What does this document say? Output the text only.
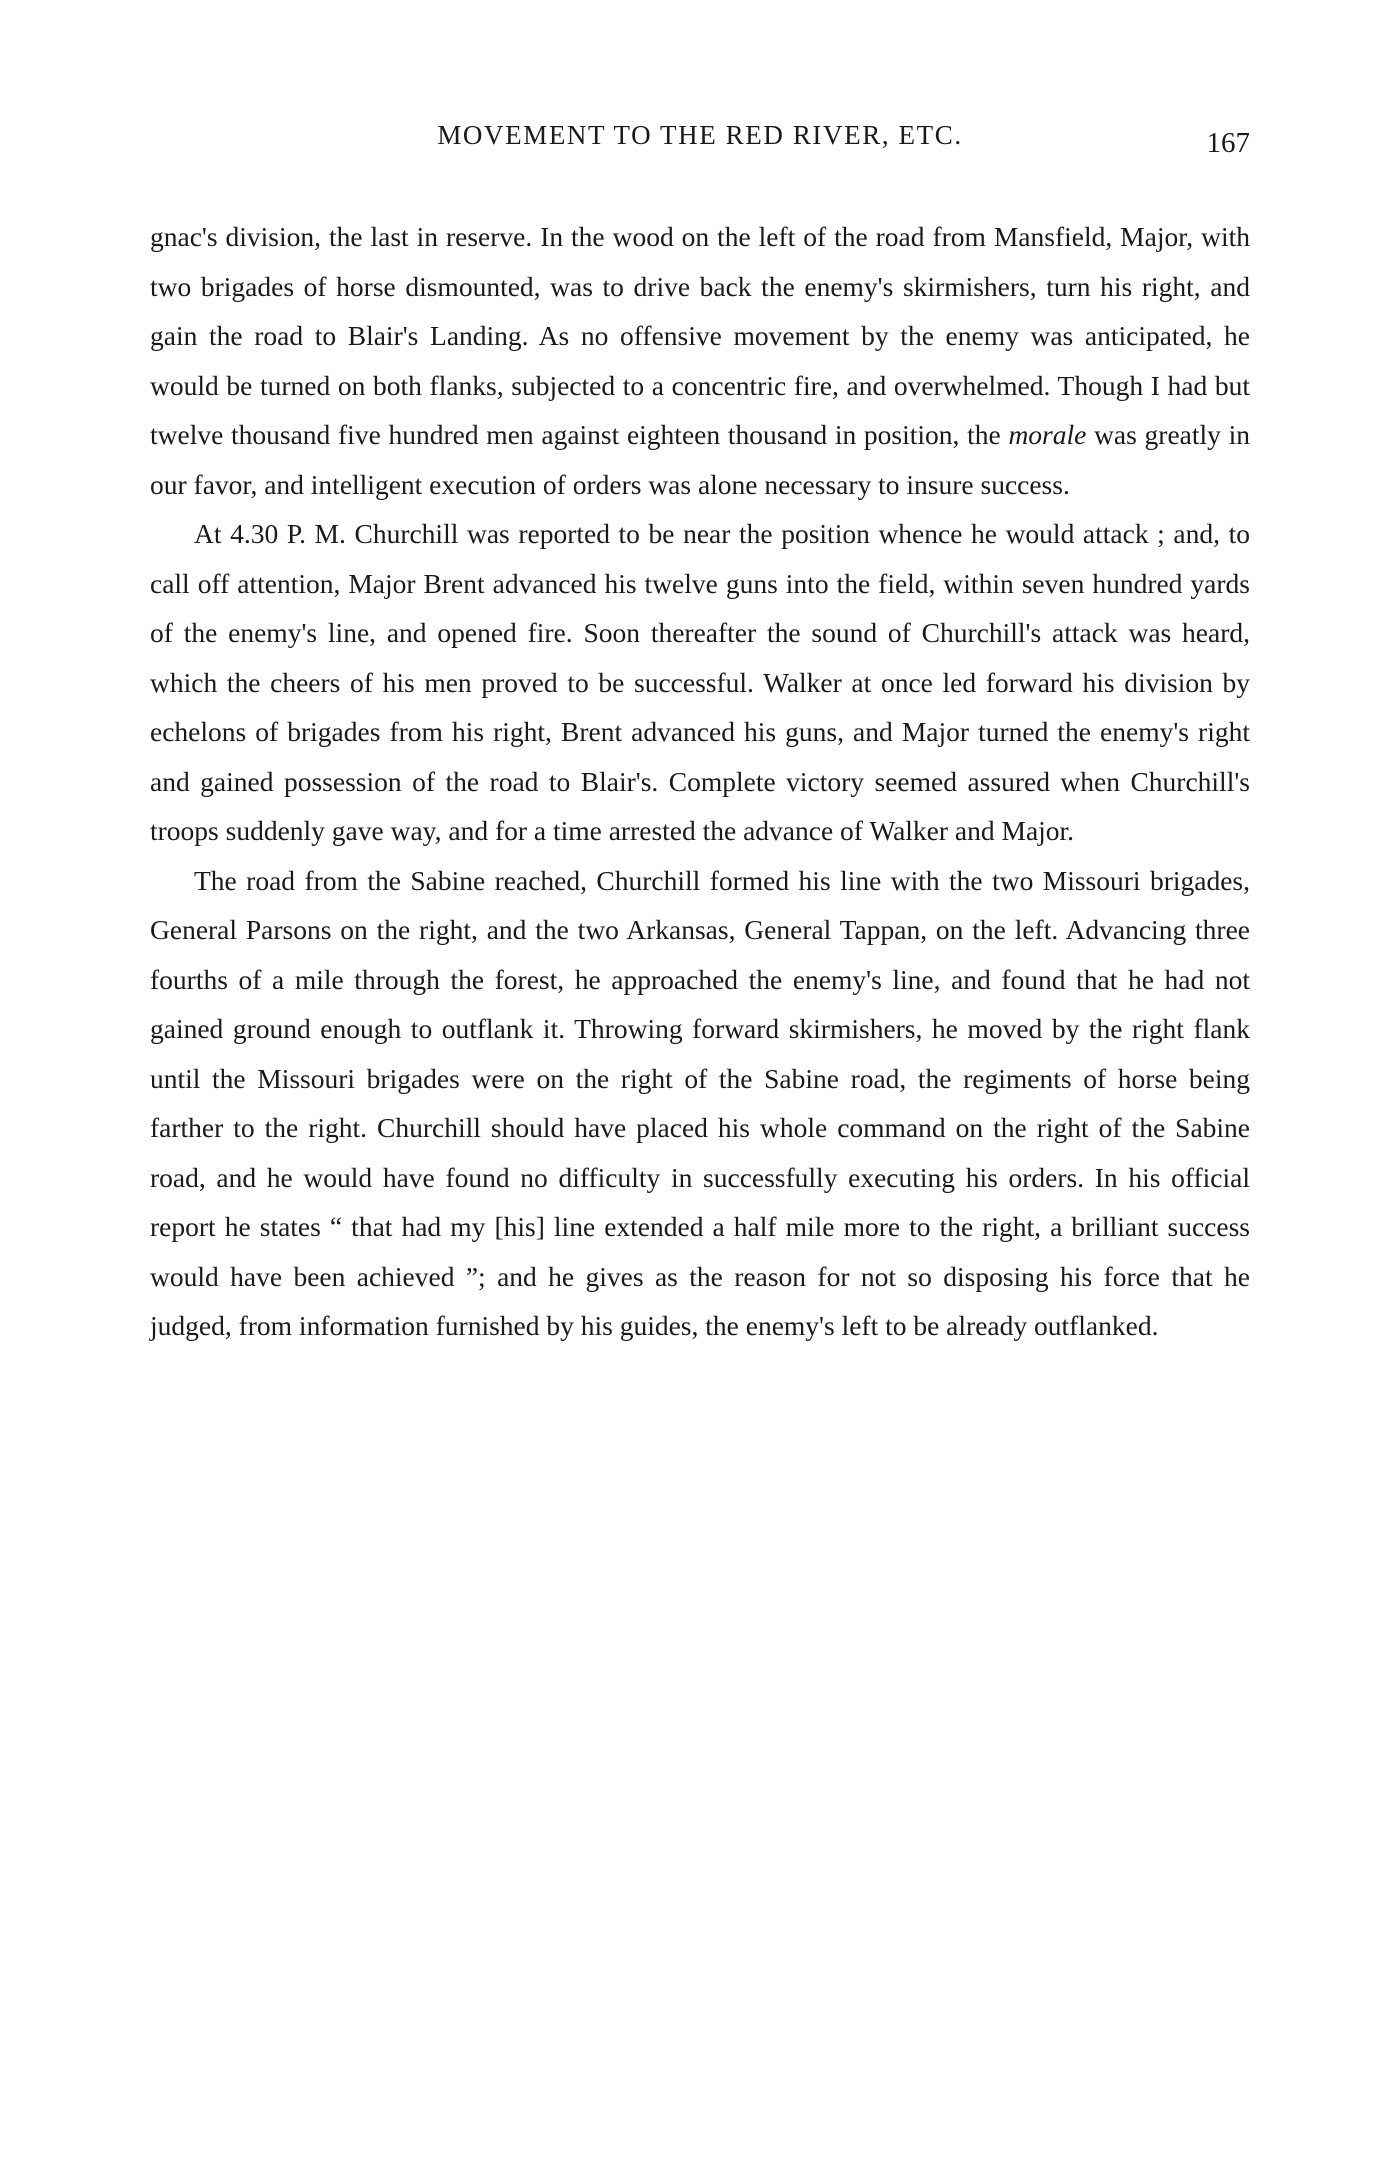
MOVEMENT TO THE RED RIVER, ETC.	167

gnac's division, the last in reserve. In the wood on the left of the road from Mansfield, Major, with two brigades of horse dismounted, was to drive back the enemy's skirmishers, turn his right, and gain the road to Blair's Landing. As no offensive movement by the enemy was anticipated, he would be turned on both flanks, subjected to a concentric fire, and overwhelmed. Though I had but twelve thousand five hundred men against eighteen thousand in position, the morale was greatly in our favor, and intelligent execution of orders was alone necessary to insure success.

At 4.30 P. M. Churchill was reported to be near the position whence he would attack ; and, to call off attention, Major Brent advanced his twelve guns into the field, within seven hundred yards of the enemy's line, and opened fire. Soon thereafter the sound of Churchill's attack was heard, which the cheers of his men proved to be successful. Walker at once led forward his division by echelons of brigades from his right, Brent advanced his guns, and Major turned the enemy's right and gained possession of the road to Blair's. Complete victory seemed assured when Churchill's troops suddenly gave way, and for a time arrested the advance of Walker and Major.

The road from the Sabine reached, Churchill formed his line with the two Missouri brigades, General Parsons on the right, and the two Arkansas, General Tappan, on the left. Advancing three fourths of a mile through the forest, he approached the enemy's line, and found that he had not gained ground enough to outflank it. Throwing forward skirmishers, he moved by the right flank until the Missouri brigades were on the right of the Sabine road, the regiments of horse being farther to the right. Churchill should have placed his whole command on the right of the Sabine road, and he would have found no difficulty in successfully executing his orders. In his official report he states “ that had my [his] line extended a half mile more to the right, a brilliant success would have been achieved ”; and he gives as the reason for not so disposing his force that he judged, from information furnished by his guides, the enemy's left to be already outflanked.
